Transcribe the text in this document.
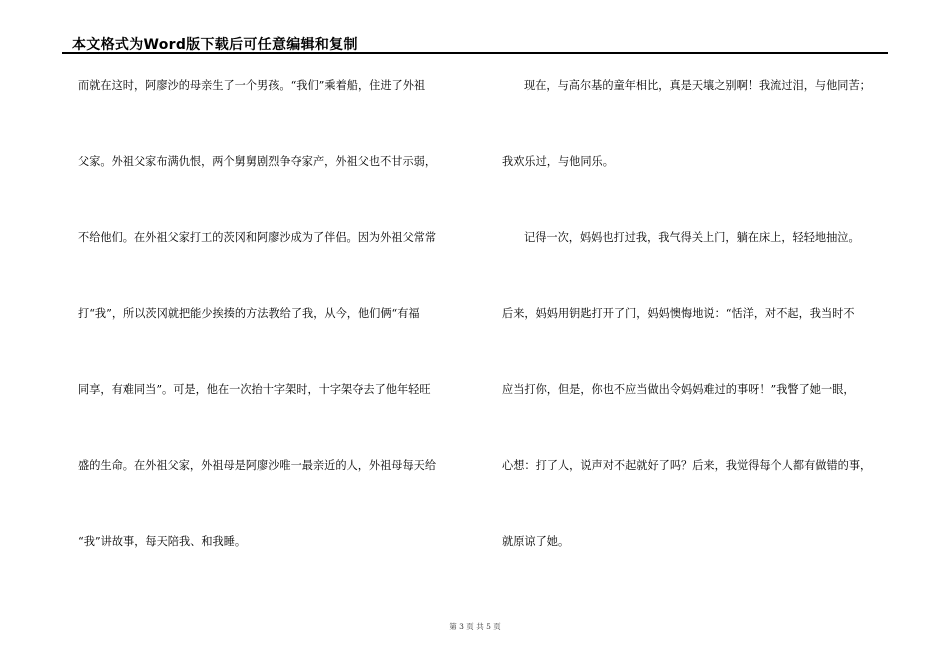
本文格式为Word版下载后可任意编辑和复制

而就在这时，阿廖沙的母亲生了一个男孩。“我们”乘着船，住进了外祖

父家。外祖父家布满仇恨，两个舅舅剧烈争夺家产，外祖父也不甘示弱，

不给他们。在外祖父家打工的茨冈和阿廖沙成为了伴侣。因为外祖父常常

打“我”，所以茨冈就把能少挨揍的方法教给了我，从今，他们俩“有福

同享，有难同当”。可是，他在一次抬十字架时，十字架夺去了他年轻旺

盛的生命。在外祖父家，外祖母是阿廖沙唯一最亲近的人，外祖母每天给

“我”讲故事，每天陪我、和我睡。

现在，与高尔基的童年相比，真是天壤之别啊！我流过泪，与他同苦；

我欢乐过，与他同乐。

记得一次，妈妈也打过我，我气得关上门，躺在床上，轻轻地抽泣。

后来，妈妈用钥匙打开了门，妈妈懊悔地说：“恬洋，对不起，我当时不

应当打你，但是，你也不应当做出令妈妈难过的事呀！”我瞥了她一眼，

心想：打了人，说声对不起就好了吗？后来，我觉得每个人都有做错的事，

就原谅了她。

第 3 页 共 5 页
